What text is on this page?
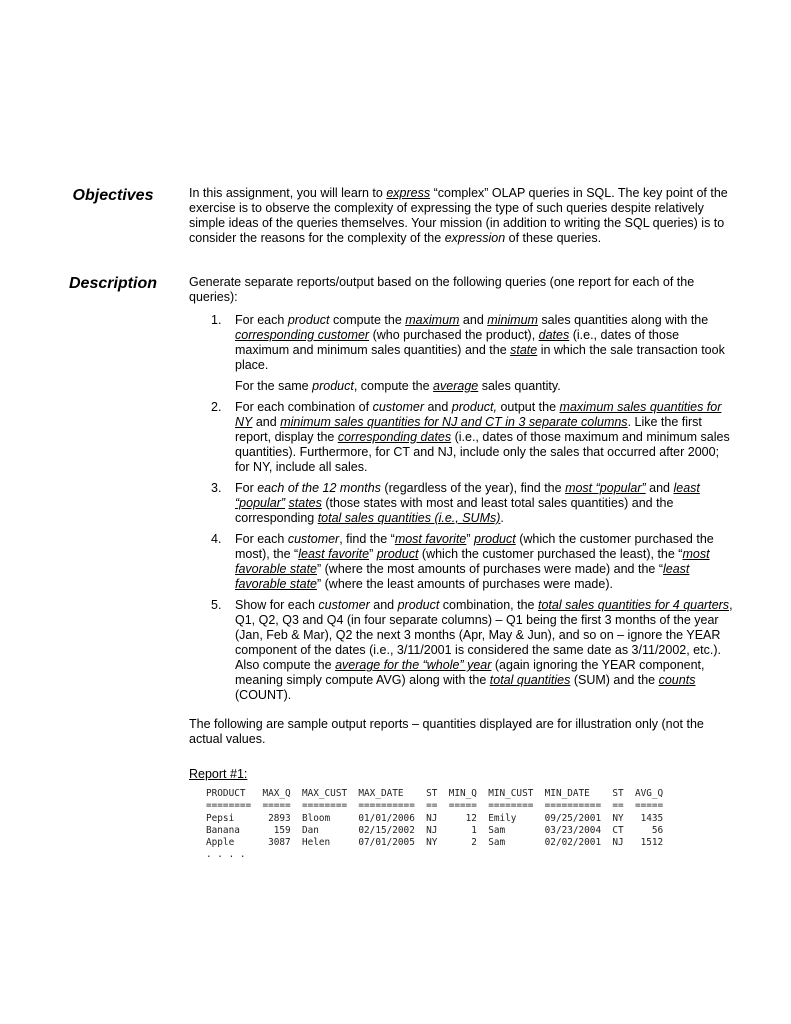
Objectives	In this assignment, you will learn to express “complex” OLAP queries in SQL. The key point of the exercise is to observe the complexity of expressing the type of such queries despite relatively simple ideas of the queries themselves. Your mission (in addition to writing the SQL queries) is to consider the reasons for the complexity of the expression of these queries.

Description	Generate separate reports/output based on the following queries (one report for each of the queries):

1. For each product compute the maximum and minimum sales quantities along with the corresponding customer (who purchased the product), dates (i.e., dates of those maximum and minimum sales quantities) and the state in which the sale transaction took place.
For the same product, compute the average sales quantity.
2. For each combination of customer and product, output the maximum sales quantities for NY and minimum sales quantities for NJ and CT in 3 separate columns. Like the first report, display the corresponding dates (i.e., dates of those maximum and minimum sales quantities). Furthermore, for CT and NJ, include only the sales that occurred after 2000; for NY, include all sales.
3. For each of the 12 months (regardless of the year), find the most “popular” and least “popular” states (those states with most and least total sales quantities) and the corresponding total sales quantities (i.e., SUMs).
4. For each customer, find the “most favorite” product (which the customer purchased the most), the “least favorite” product (which the customer purchased the least), the “most favorable state” (where the most amounts of purchases were made) and the “least favorable state” (where the least amounts of purchases were made).
5. Show for each customer and product combination, the total sales quantities for 4 quarters, Q1, Q2, Q3 and Q4 (in four separate columns) – Q1 being the first 3 months of the year (Jan, Feb & Mar), Q2 the next 3 months (Apr, May & Jun), and so on – ignore the YEAR component of the dates (i.e., 3/11/2001 is considered the same date as 3/11/2002, etc.). Also compute the average for the “whole” year (again ignoring the YEAR component, meaning simply compute AVG) along with the total quantities (SUM) and the counts (COUNT).

The following are sample output reports – quantities displayed are for illustration only (not the actual values.

Report #1:
PRODUCT   MAX_Q  MAX_CUST  MAX_DATE    ST  MIN_Q  MIN_CUST  MIN_DATE    ST  AVG_Q
========  =====  ========  ==========  ==  =====  ========  ==========  ==  =====
Pepsi      2893  Bloom     01/01/2006  NJ     12  Emily     09/25/2001  NY   1435
Banana      159  Dan       02/15/2002  NJ      1  Sam       03/23/2004  CT     56
Apple      3087  Helen     07/01/2005  NY      2  Sam       02/02/2001  NJ   1512
. . . .
